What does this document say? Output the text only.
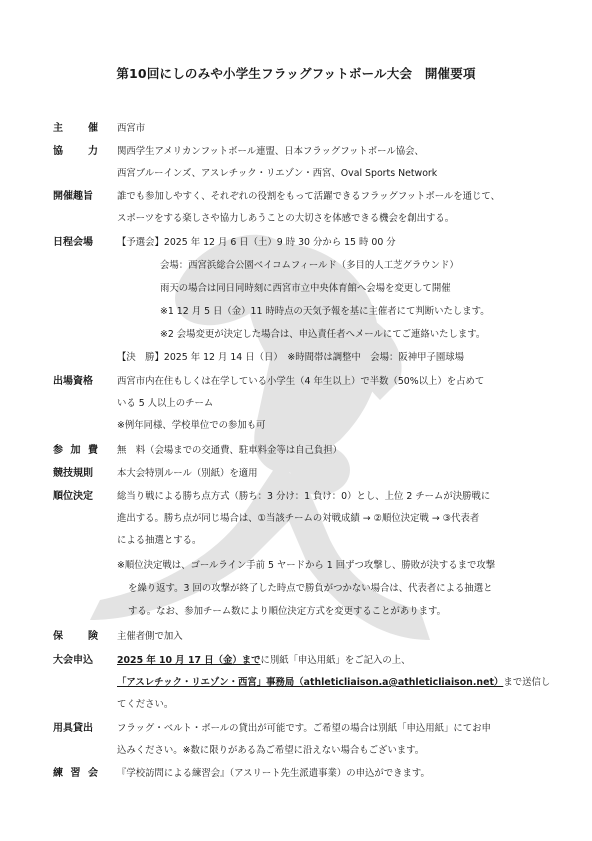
第10回にしのみや小学生フラッグフットボール大会　開催要項
主	催 西宮市
協	力 関西学生アメリカンフットボール連盟、日本フラッグフットボール協会、
西宮ブルーインズ、アスレチック・リエゾン・西宮、Oval Sports Network
開催趣旨	誰でも参加しやすく、それぞれの役割をもって活躍できるフラッグフットボールを通じて、
スポーツをする楽しさや協力しあうことの大切さを体感できる機会を創出する。
日程会場	【予選会】2025 年 12 月 6 日（土）9 時 30 分から 15 時 00 分
会場：西宮浜総合公園ベイコムフィールド（多目的人工芝グラウンド）
雨天の場合は同日同時刻に西宮市立中央体育館へ会場を変更して開催
※1 12 月 5 日（金）11 時時点の天気予報を基に主催者にて判断いたします。
※2 会場変更が決定した場合は、申込責任者へメールにてご連絡いたします。
【決　勝】2025 年 12 月 14 日（日）　※時間帯は調整中　会場：阪神甲子園球場
出場資格	西宮市内在住もしくは在学している小学生（4 年生以上）で半数（50%以上）を占めて
いる 5 人以上のチーム
※例年同様、学校単位での参加も可
参 加 費 無　料（会場までの交通費、駐車料金等は自己負担）
競技規則	本大会特別ルール（別紙）を適用
順位決定	総当り戦による勝ち点方式（勝ち：3 分け：1 負け：0）とし、上位 2 チームが決勝戦に
進出する。勝ち点が同じ場合は、①当該チームの対戦成績 → ②順位決定戦 → ③代表者
による抽選とする。
※順位決定戦は、ゴールライン手前 5 ヤードから 1 回ずつ攻撃し、勝敗が決するまで攻撃
を繰り返す。3 回の攻撃が終了した時点で勝負がつかない場合は、代表者による抽選と
する。なお、参加チーム数により順位決定方式を変更することがあります。
保	険 主催者側で加入
大会申込	2025 年 10 月 17 日（金）までに別紙「申込用紙」をご記入の上、
「アスレチック・リエゾン・西宮」事務局（athleticliaison.a@athleticliaison.net）まで送信し
てください。
用具貸出	フラッグ・ベルト・ボールの貸出が可能です。ご希望の場合は別紙「申込用紙」にてお申
込みください。※数に限りがある為ご希望に沿えない場合もございます。
練 習 会 『学校訪問による練習会』（アスリート先生派遣事業）の申込ができます。
